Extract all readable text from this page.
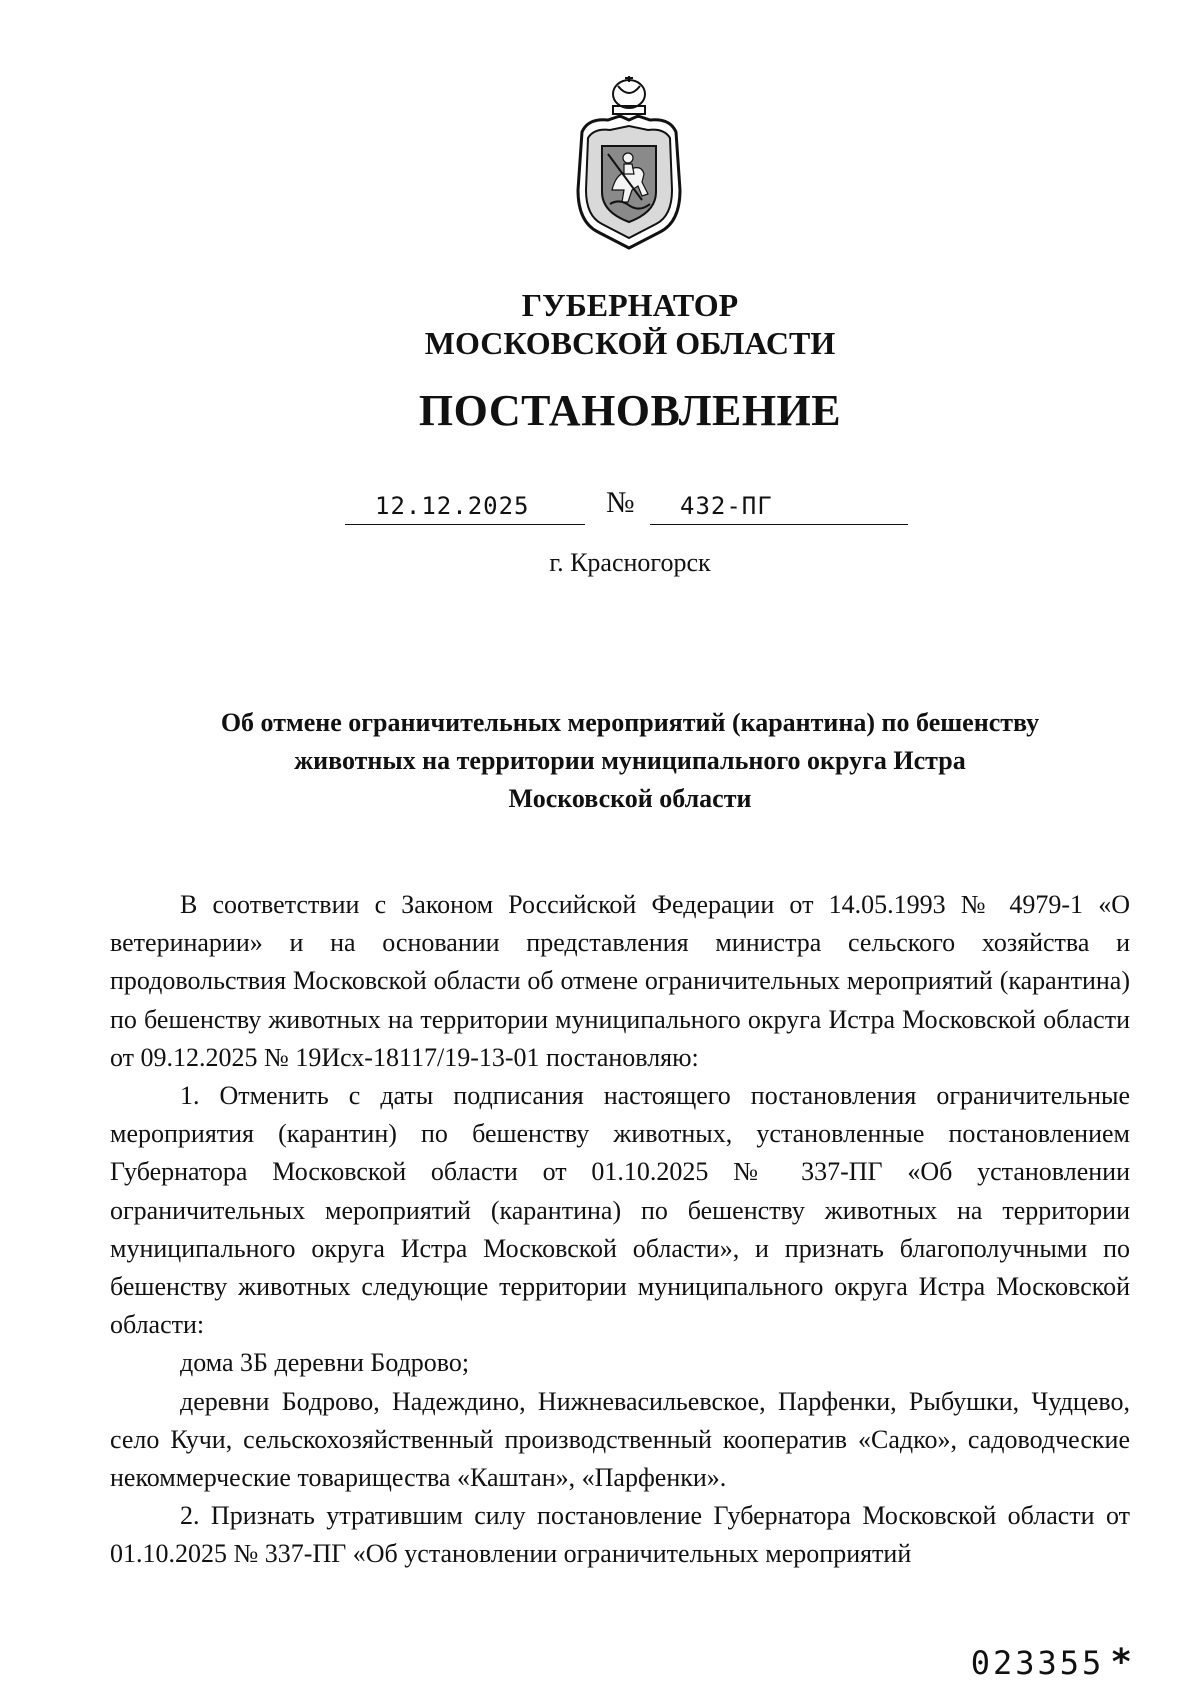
ГУБЕРНАТОР
МОСКОВСКОЙ ОБЛАСТИ
ПОСТАНОВЛЕНИЕ
12.12.2025	№ 432-ПГ
г. Красногорск
Об отмене ограничительных мероприятий (карантина) по бешенству
животных на территории муниципального округа Истра
Московской области

В соответствии с Законом Российской Федерации от 14.05.1993 № 4979-1 «О ветеринарии» и на основании представления министра сельского хозяйства и продовольствия Московской области об отмене ограничительных мероприятий (карантина) по бешенству животных на территории муниципального округа Истра Московской области от 09.12.2025 № 19Исх-18117/19-13-01 постановляю:

1. Отменить с даты подписания настоящего постановления ограничительные мероприятия (карантин) по бешенству животных, установленные постановлением Губернатора Московской области от 01.10.2025 № 337-ПГ «Об установлении ограничительных мероприятий (карантина) по бешенству животных на территории муниципального округа Истра Московской области», и признать благополучными по бешенству животных следующие территории муниципального округа Истра Московской области:

дома 3Б деревни Бодрово;

деревни Бодрово, Надеждино, Нижневасильевское, Парфенки, Рыбушки, Чудцево, село Кучи, сельскохозяйственный производственный кооператив «Садко», садоводческие некоммерческие товарищества «Каштан», «Парфенки».

2. Признать утратившим силу постановление Губернатора Московской области от 01.10.2025 № 337-ПГ «Об установлении ограничительных мероприятий

023355 *
